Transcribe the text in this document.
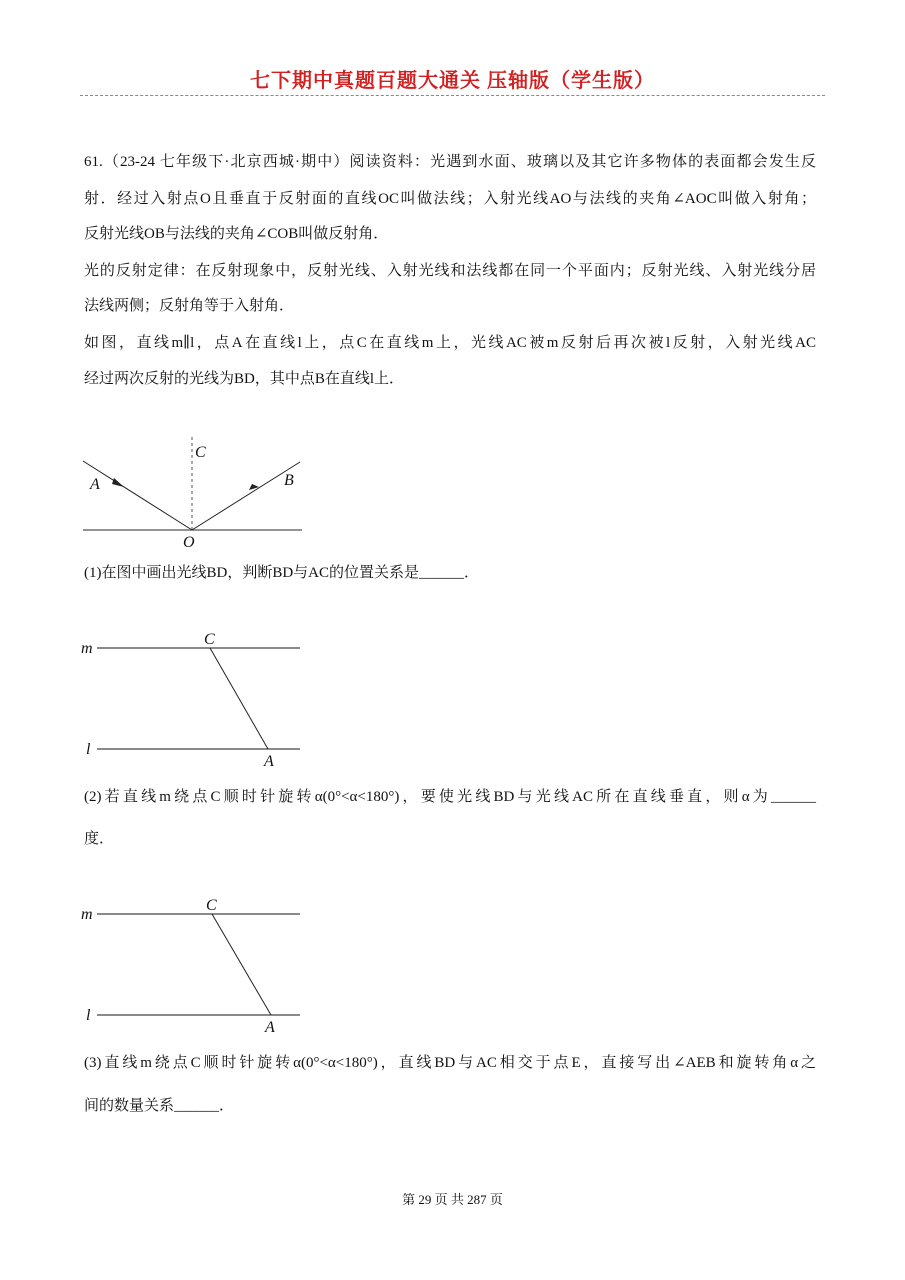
七下期中真题百题大通关 压轴版（学生版）
61.（23-24 七年级下·北京西城·期中）阅读资料：光遇到水面、玻璃以及其它许多物体的表面都会发生反
射．经过入射点O且垂直于反射面的直线OC叫做法线；入射光线AO与法线的夹角∠AOC叫做入射角；
反射光线OB与法线的夹角∠COB叫做反射角．
光的反射定律：在反射现象中，反射光线、入射光线和法线都在同一个平面内；反射光线、入射光线分居
法线两侧；反射角等于入射角．
如图，直线m∥l，点A在直线l上，点C在直线m上，光线AC被m反射后再次被l反射，入射光线AC
经过两次反射的光线为BD，其中点B在直线l上．
C
A	B
O
m
C
l
A
m
C
l
A
(1)在图中画出光线BD，判断BD与AC的位置关系是______．
(2)若直线m绕点C顺时针旋转α(0°<α<180°)，要使光线BD与光线AC所在直线垂直，则α为______
度．
(3)直线m绕点C顺时针旋转α(0°<α<180°)，直线BD与AC相交于点E，直接写出∠AEB和旋转角α之
间的数量关系______．
第 29 页 共 287 页
